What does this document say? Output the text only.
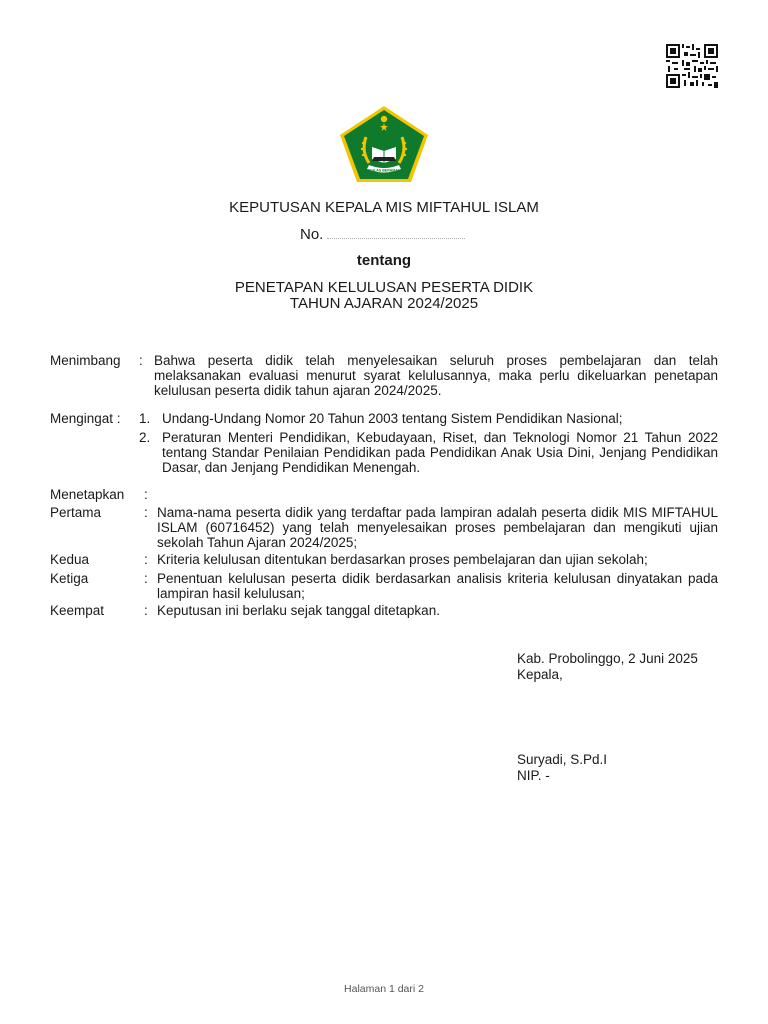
IKHLAS BERAMAL
KEPUTUSAN KEPALA MIS MIFTAHUL ISLAM
No.
tentang
PENETAPAN KELULUSAN PESERTA DIDIK
TAHUN AJARAN 2024/2025
Menimbang : Bahwa peserta didik telah menyelesaikan seluruh proses pembelajaran dan telah melaksanakan evaluasi menurut syarat kelulusannya, maka perlu dikeluarkan penetapan kelulusan peserta didik tahun ajaran 2024/2025.
Mengingat : 1. Undang-Undang Nomor 20 Tahun 2003 tentang Sistem Pendidikan Nasional;
2. Peraturan Menteri Pendidikan, Kebudayaan, Riset, dan Teknologi Nomor 21 Tahun 2022 tentang Standar Penilaian Pendidikan pada Pendidikan Anak Usia Dini, Jenjang Pendidikan Dasar, dan Jenjang Pendidikan Menengah.
Menetapkan :
Pertama	: Nama-nama peserta didik yang terdaftar pada lampiran adalah peserta didik MIS MIFTAHUL ISLAM (60716452) yang telah menyelesaikan proses pembelajaran dan mengikuti ujian sekolah Tahun Ajaran 2024/2025;
Kedua	: Kriteria kelulusan ditentukan berdasarkan proses pembelajaran dan ujian sekolah;
Ketiga	: Penentuan kelulusan peserta didik berdasarkan analisis kriteria kelulusan dinyatakan pada lampiran hasil kelulusan;
Keempat	: Keputusan ini berlaku sejak tanggal ditetapkan.
Kab. Probolinggo, 2 Juni 2025
Kepala,
Suryadi, S.Pd.I
NIP. -
Halaman 1 dari 2
